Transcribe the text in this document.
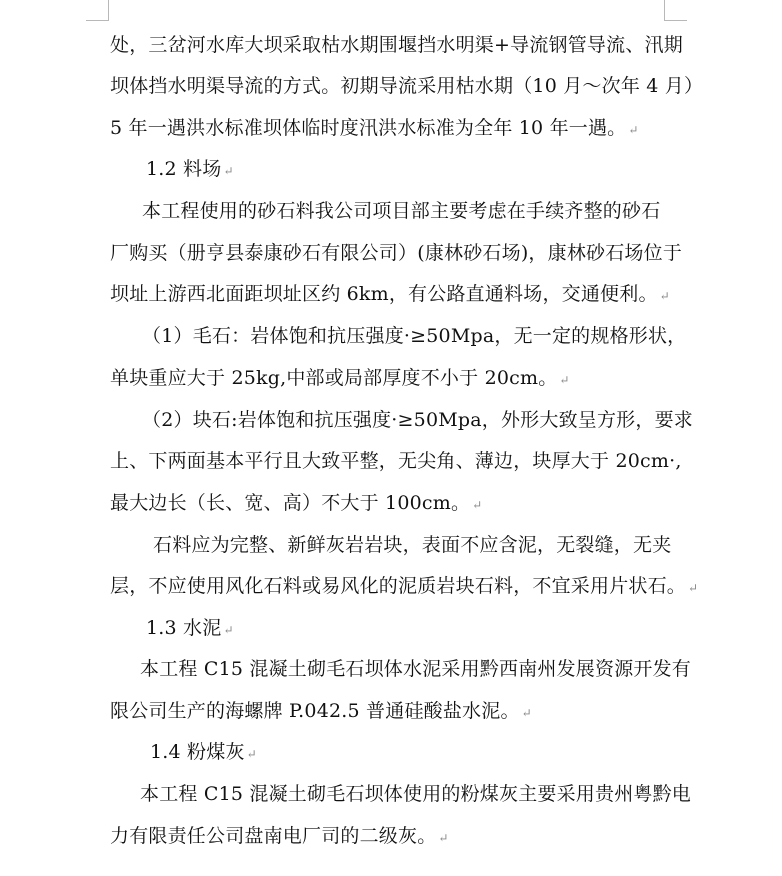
处，三岔河水库大坝采取枯水期围堰挡水明渠+导流钢管导流、汛期
坝体挡水明渠导流的方式。初期导流采用枯水期（10 月～次年 4 月）
5 年一遇洪水标准坝体临时度汛洪水标准为全年 10 年一遇。 ↵
1.2 料场 ↵
本工程使用的砂石料我公司项目部主要考虑在手续齐整的砂石
厂购买（册亨县泰康砂石有限公司）(康林砂石场)，康林砂石场位于
坝址上游西北面距坝址区约 6km，有公路直通料场，交通便利。 ↵
（1）毛石：岩体饱和抗压强度·≥50Mpa，无一定的规格形状，
单块重应大于 25kg,中部或局部厚度不小于 20cm。 ↵
（2）块石:岩体饱和抗压强度·≥50Mpa，外形大致呈方形，要求
上、下两面基本平行且大致平整，无尖角、薄边，块厚大于 20cm·,
最大边长（长、宽、高）不大于 100cm。 ↵
石料应为完整、新鲜灰岩岩块，表面不应含泥，无裂缝，无夹
层，不应使用风化石料或易风化的泥质岩块石料，不宜采用片状石。 ↵
1.3 水泥 ↵
本工程 C15 混凝土砌毛石坝体水泥采用黔西南州发展资源开发有
限公司生产的海螺牌 P.042.5 普通硅酸盐水泥。 ↵
1.4 粉煤灰 ↵
本工程 C15 混凝土砌毛石坝体使用的粉煤灰主要采用贵州粤黔电
力有限责任公司盘南电厂司的二级灰。 ↵
